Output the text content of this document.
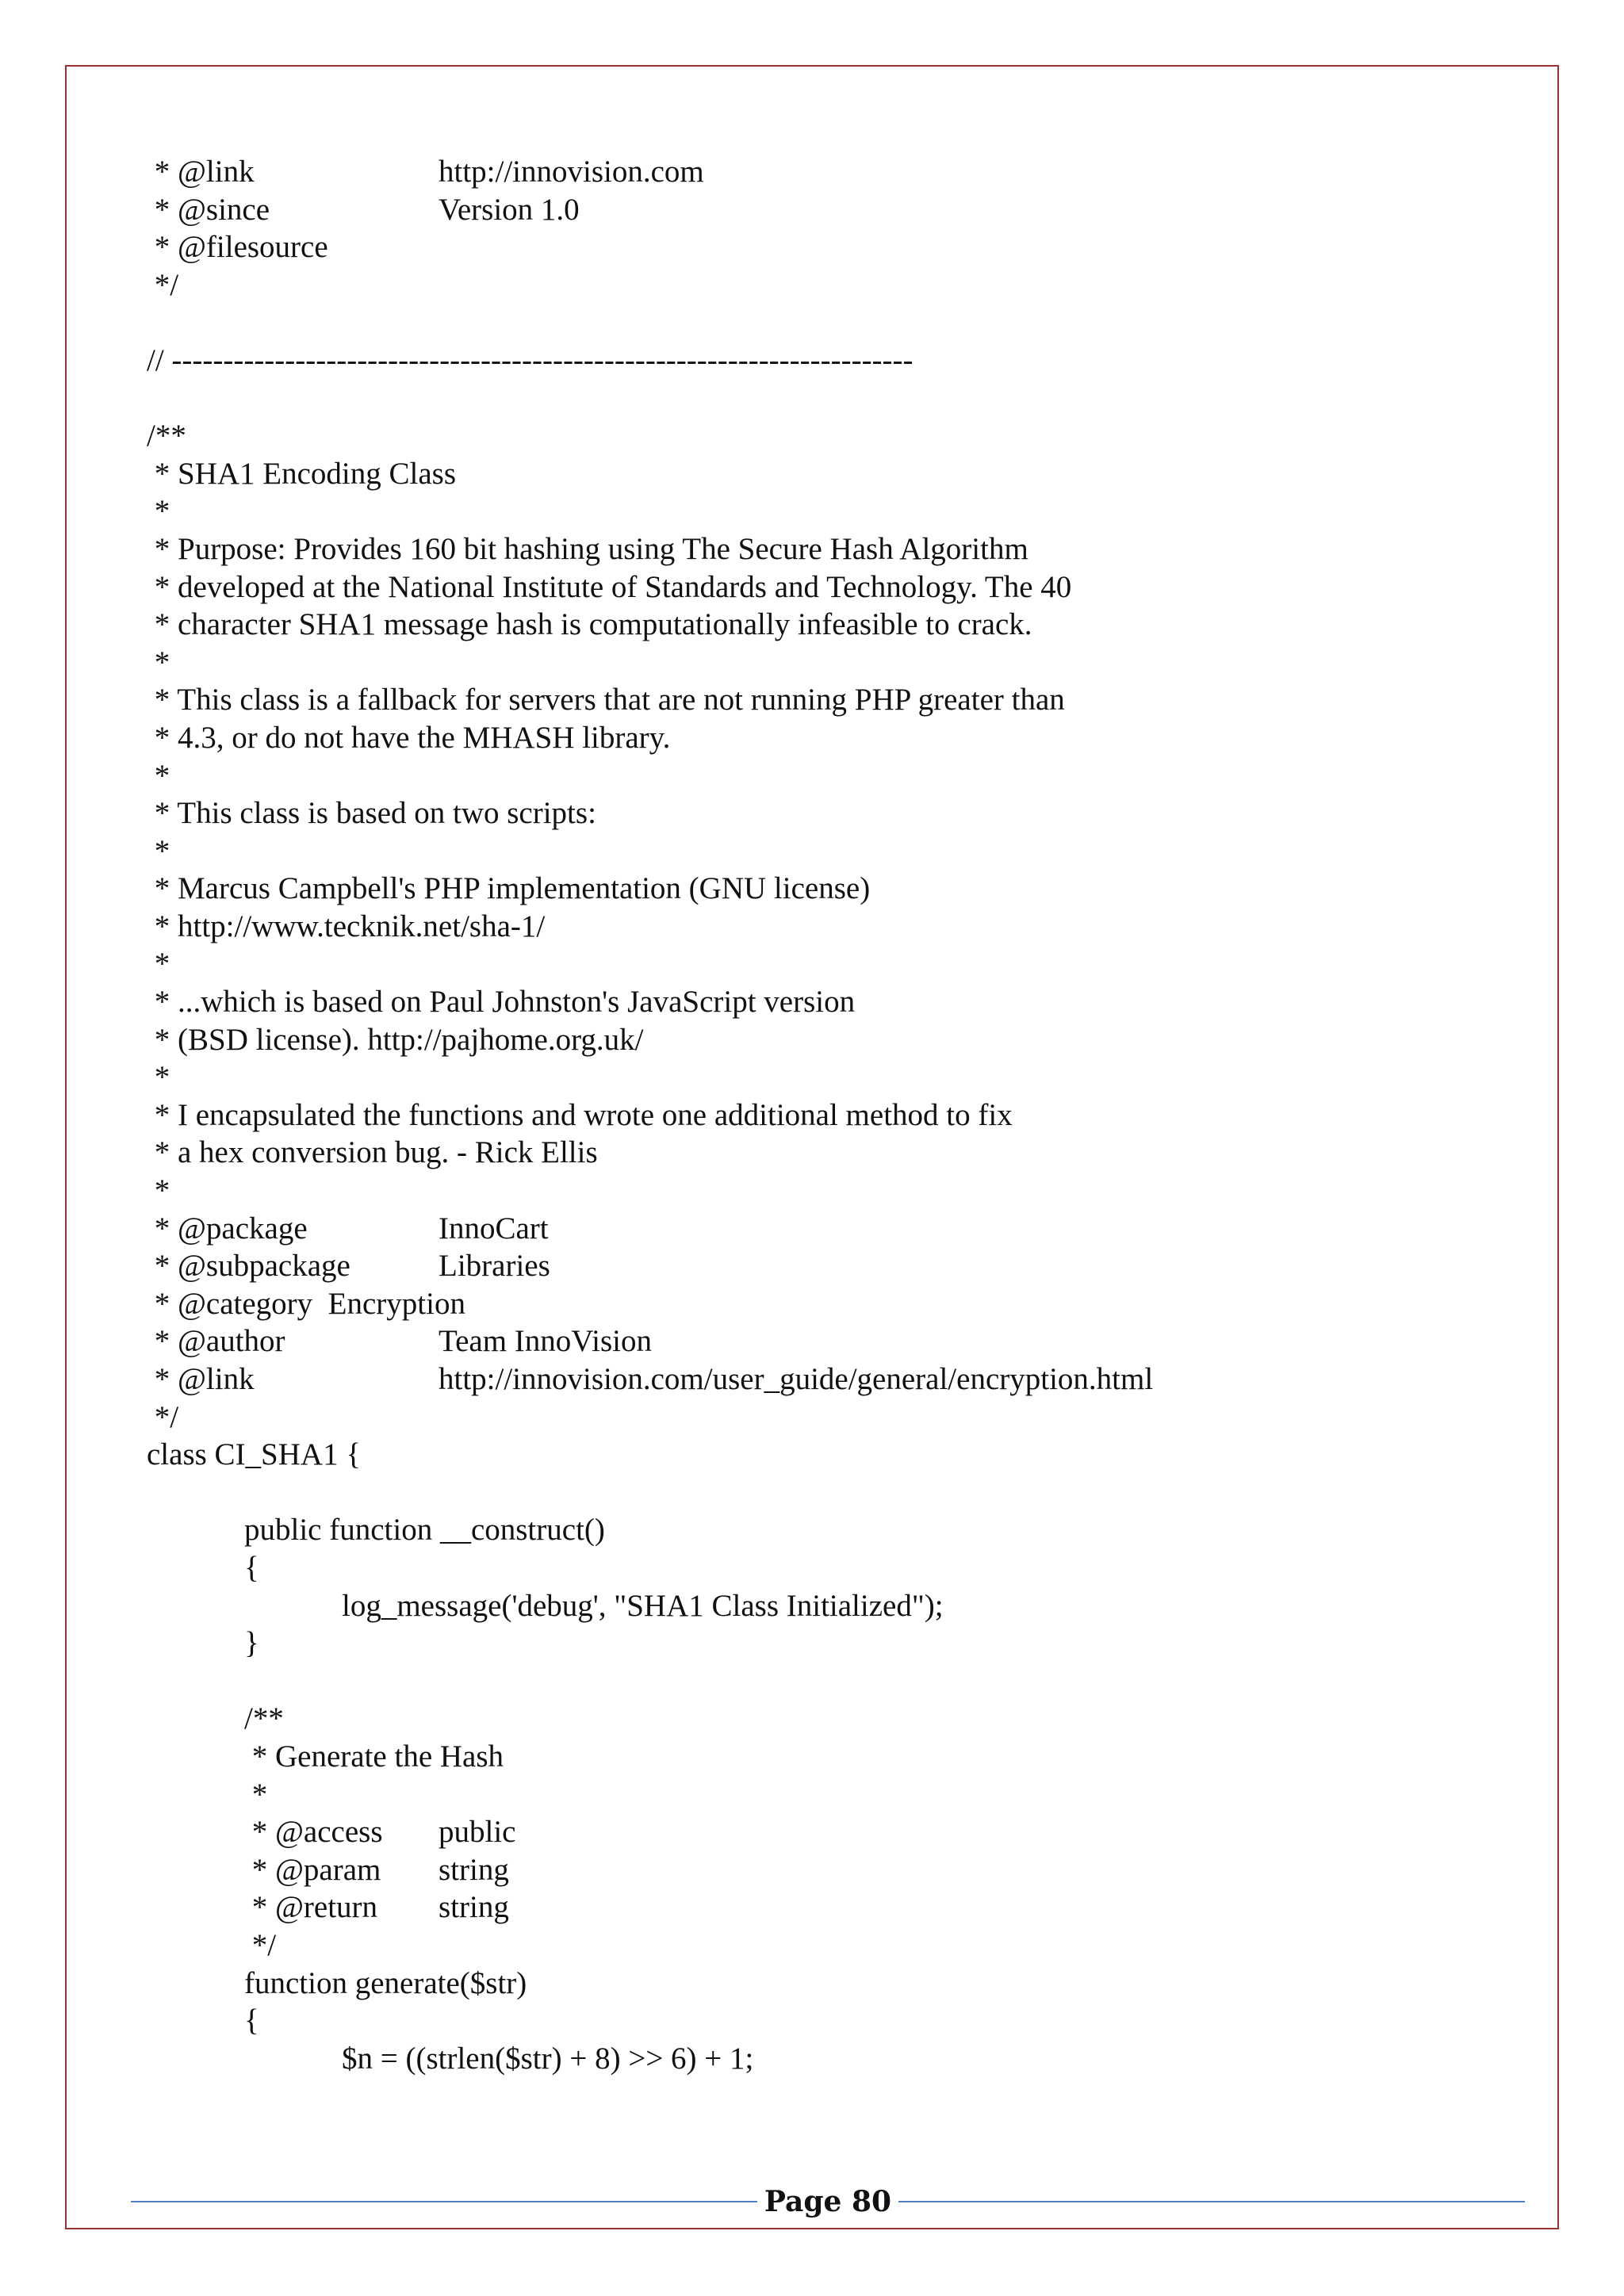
* @link	http://innovision.com
* @since	Version 1.0
* @filesource
*/
// ------------------------------------------------------------------------
/**
* SHA1 Encoding Class
*
* Purpose: Provides 160 bit hashing using The Secure Hash Algorithm
* developed at the National Institute of Standards and Technology. The 40
* character SHA1 message hash is computationally infeasible to crack.
*
* This class is a fallback for servers that are not running PHP greater than
* 4.3, or do not have the MHASH library.
*
* This class is based on two scripts:
*
* Marcus Campbell's PHP implementation (GNU license)
* http://www.tecknik.net/sha-1/
*
* ...which is based on Paul Johnston's JavaScript version
* (BSD license). http://pajhome.org.uk/
*
* I encapsulated the functions and wrote one additional method to fix
* a hex conversion bug. - Rick Ellis
*
* @package	InnoCart
* @subpackage	Libraries
* @category  Encryption
* @author	Team InnoVision
* @link	http://innovision.com/user_guide/general/encryption.html
*/
class CI_SHA1 {
public function __construct()
{
log_message('debug', "SHA1 Class Initialized");
}
/**
* Generate the Hash
*
* @access public
* @param string
* @return string
*/
function generate($str)
{
$n = ((strlen($str) + 8) >> 6) + 1;
Page 80
